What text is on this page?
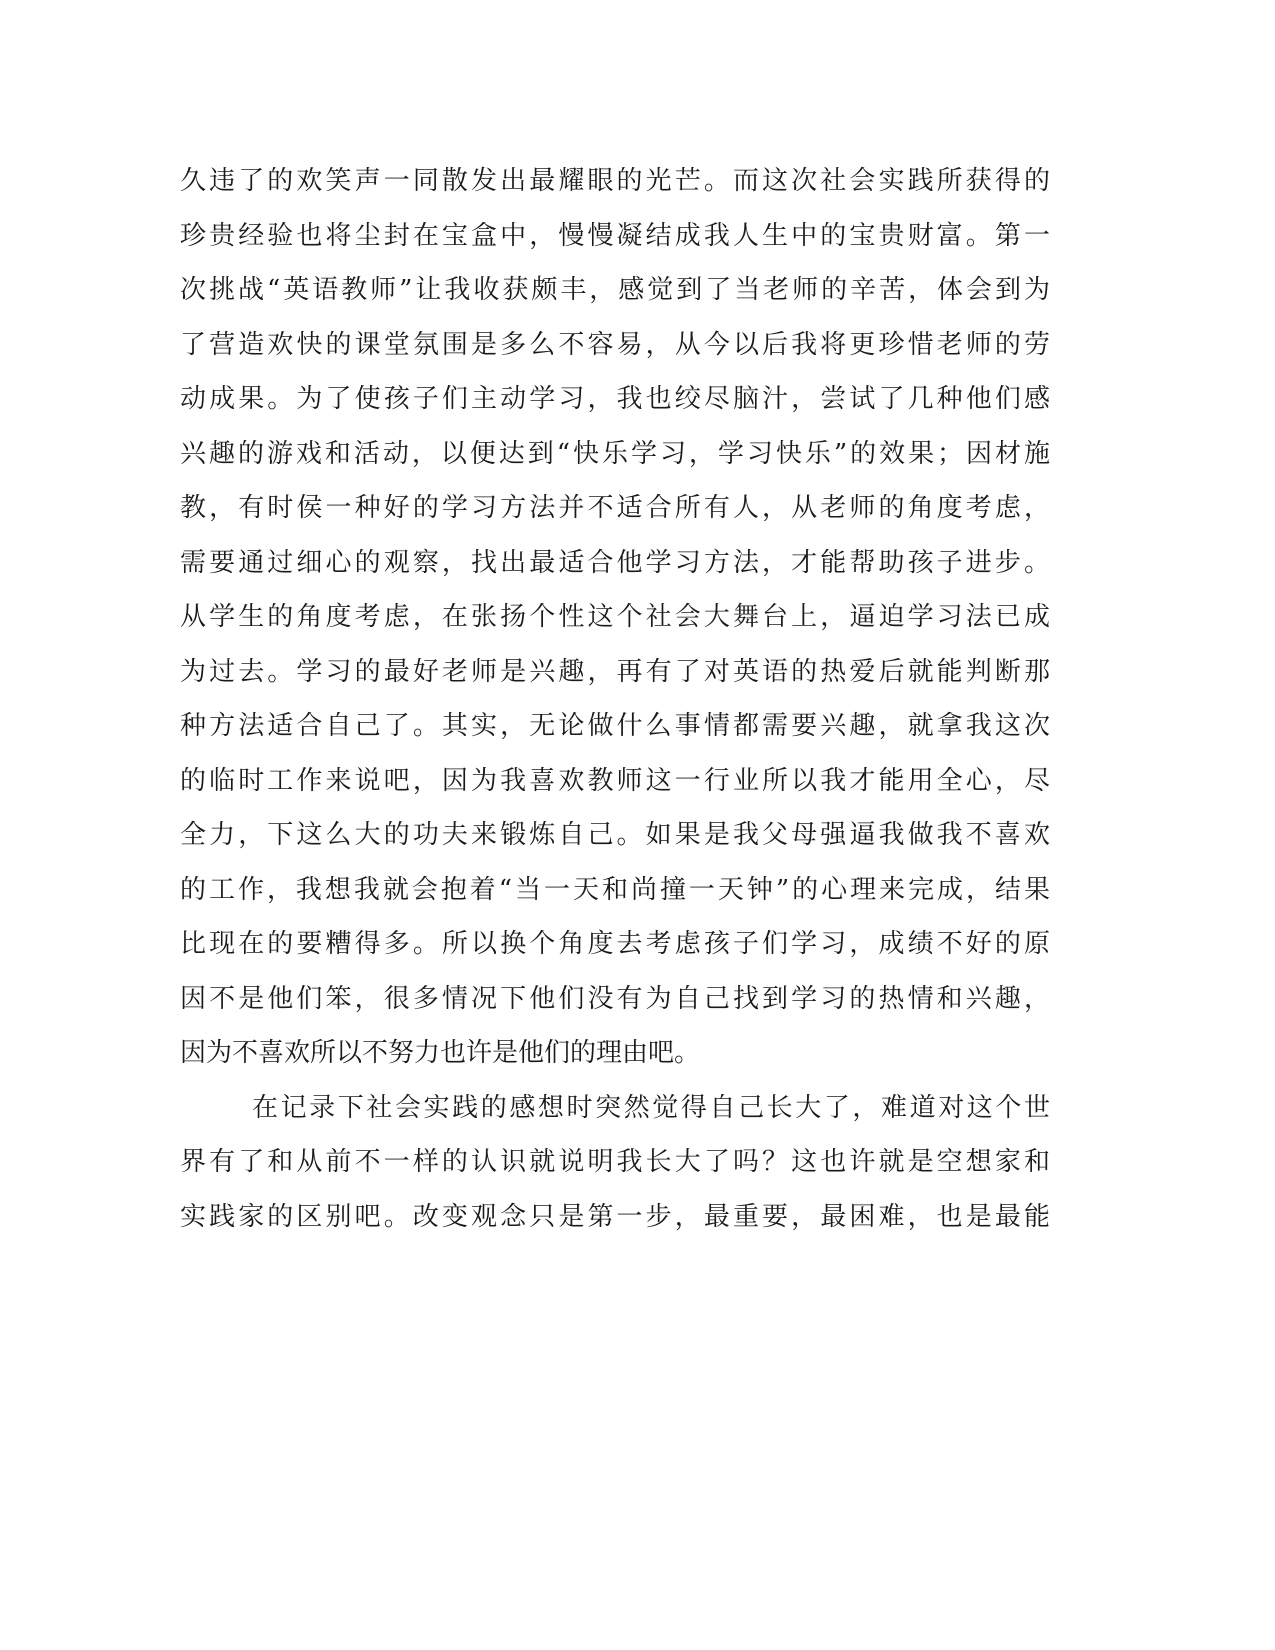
久违了的欢笑声一同散发出最耀眼的光芒。而这次社会实践所获得的
珍贵经验也将尘封在宝盒中，慢慢凝结成我人生中的宝贵财富。第一
次挑战“英语教师”让我收获颇丰，感觉到了当老师的辛苦，体会到为
了营造欢快的课堂氛围是多么不容易，从今以后我将更珍惜老师的劳
动成果。为了使孩子们主动学习，我也绞尽脑汁，尝试了几种他们感
兴趣的游戏和活动，以便达到“快乐学习，学习快乐”的效果；因材施
教，有时侯一种好的学习方法并不适合所有人，从老师的角度考虑，
需要通过细心的观察，找出最适合他学习方法，才能帮助孩子进步。
从学生的角度考虑，在张扬个性这个社会大舞台上，逼迫学习法已成
为过去。学习的最好老师是兴趣，再有了对英语的热爱后就能判断那
种方法适合自己了。其实，无论做什么事情都需要兴趣，就拿我这次
的临时工作来说吧，因为我喜欢教师这一行业所以我才能用全心，尽
全力，下这么大的功夫来锻炼自己。如果是我父母强逼我做我不喜欢
的工作，我想我就会抱着“当一天和尚撞一天钟”的心理来完成，结果
比现在的要糟得多。所以换个角度去考虑孩子们学习，成绩不好的原
因不是他们笨，很多情况下他们没有为自己找到学习的热情和兴趣，
因为不喜欢所以不努力也许是他们的理由吧。
在记录下社会实践的感想时突然觉得自己长大了，难道对这个世
界有了和从前不一样的认识就说明我长大了吗？这也许就是空想家和
实践家的区别吧。改变观念只是第一步，最重要，最困难，也是最能
